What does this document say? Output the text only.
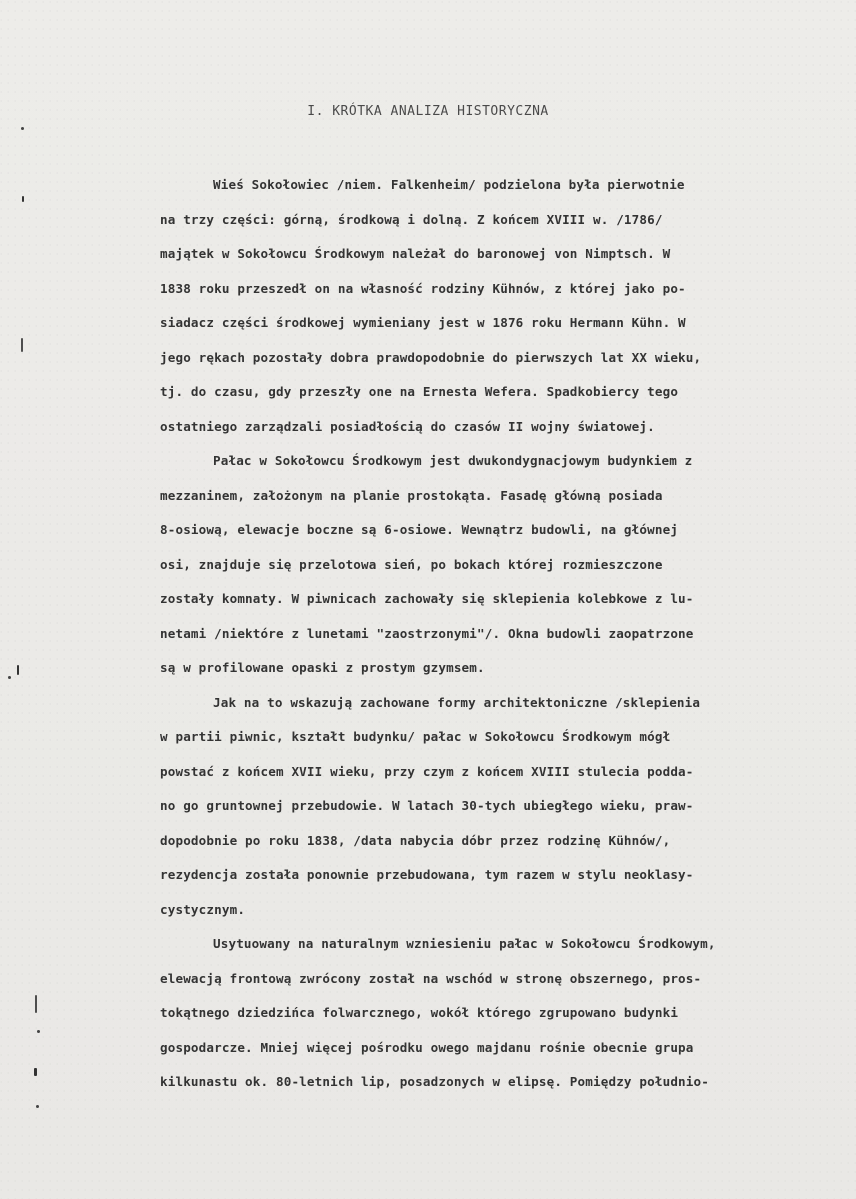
I. KRÓTKA ANALIZA HISTORYCZNA

Wieś Sokołowiec /niem. Falkenheim/ podzielona była pierwotnie
na trzy części: górną, środkową i dolną. Z końcem XVIII w. /1786/
majątek w Sokołowcu Środkowym należał do baronowej von Nimptsch. W
1838 roku przeszedł on na własność rodziny Kühnów, z której jako po-
siadacz części środkowej wymieniany jest w 1876 roku Hermann Kühn. W
jego rękach pozostały dobra prawdopodobnie do pierwszych lat XX wieku,
tj. do czasu, gdy przeszły one na Ernesta Wefera. Spadkobiercy tego
ostatniego zarządzali posiadłością do czasów II wojny światowej.

Pałac w Sokołowcu Środkowym jest dwukondygnacjowym budynkiem z
mezzaninem, założonym na planie prostokąta. Fasadę główną posiada
8-osiową, elewacje boczne są 6-osiowe. Wewnątrz budowli, na głównej
osi, znajduje się przelotowa sień, po bokach której rozmieszczone
zostały komnaty. W piwnicach zachowały się sklepienia kolebkowe z lu-
netami /niektóre z lunetami "zaostrzonymi"/. Okna budowli zaopatrzone
są w profilowane opaski z prostym gzymsem.

Jak na to wskazują zachowane formy architektoniczne /sklepienia
w partii piwnic, kształt budynku/ pałac w Sokołowcu Środkowym mógł
powstać z końcem XVII wieku, przy czym z końcem XVIII stulecia podda-
no go gruntownej przebudowie. W latach 30-tych ubiegłego wieku, praw-
dopodobnie po roku 1838, /data nabycia dóbr przez rodzinę Kühnów/,
rezydencja została ponownie przebudowana, tym razem w stylu neoklasy-
cystycznym.

Usytuowany na naturalnym wzniesieniu pałac w Sokołowcu Środkowym,
elewacją frontową zwrócony został na wschód w stronę obszernego, pros-
tokątnego dziedzińca folwarcznego, wokół którego zgrupowano budynki
gospodarcze. Mniej więcej pośrodku owego majdanu rośnie obecnie grupa
kilkunastu ok. 80-letnich lip, posadzonych w elipsę. Pomiędzy południo-
